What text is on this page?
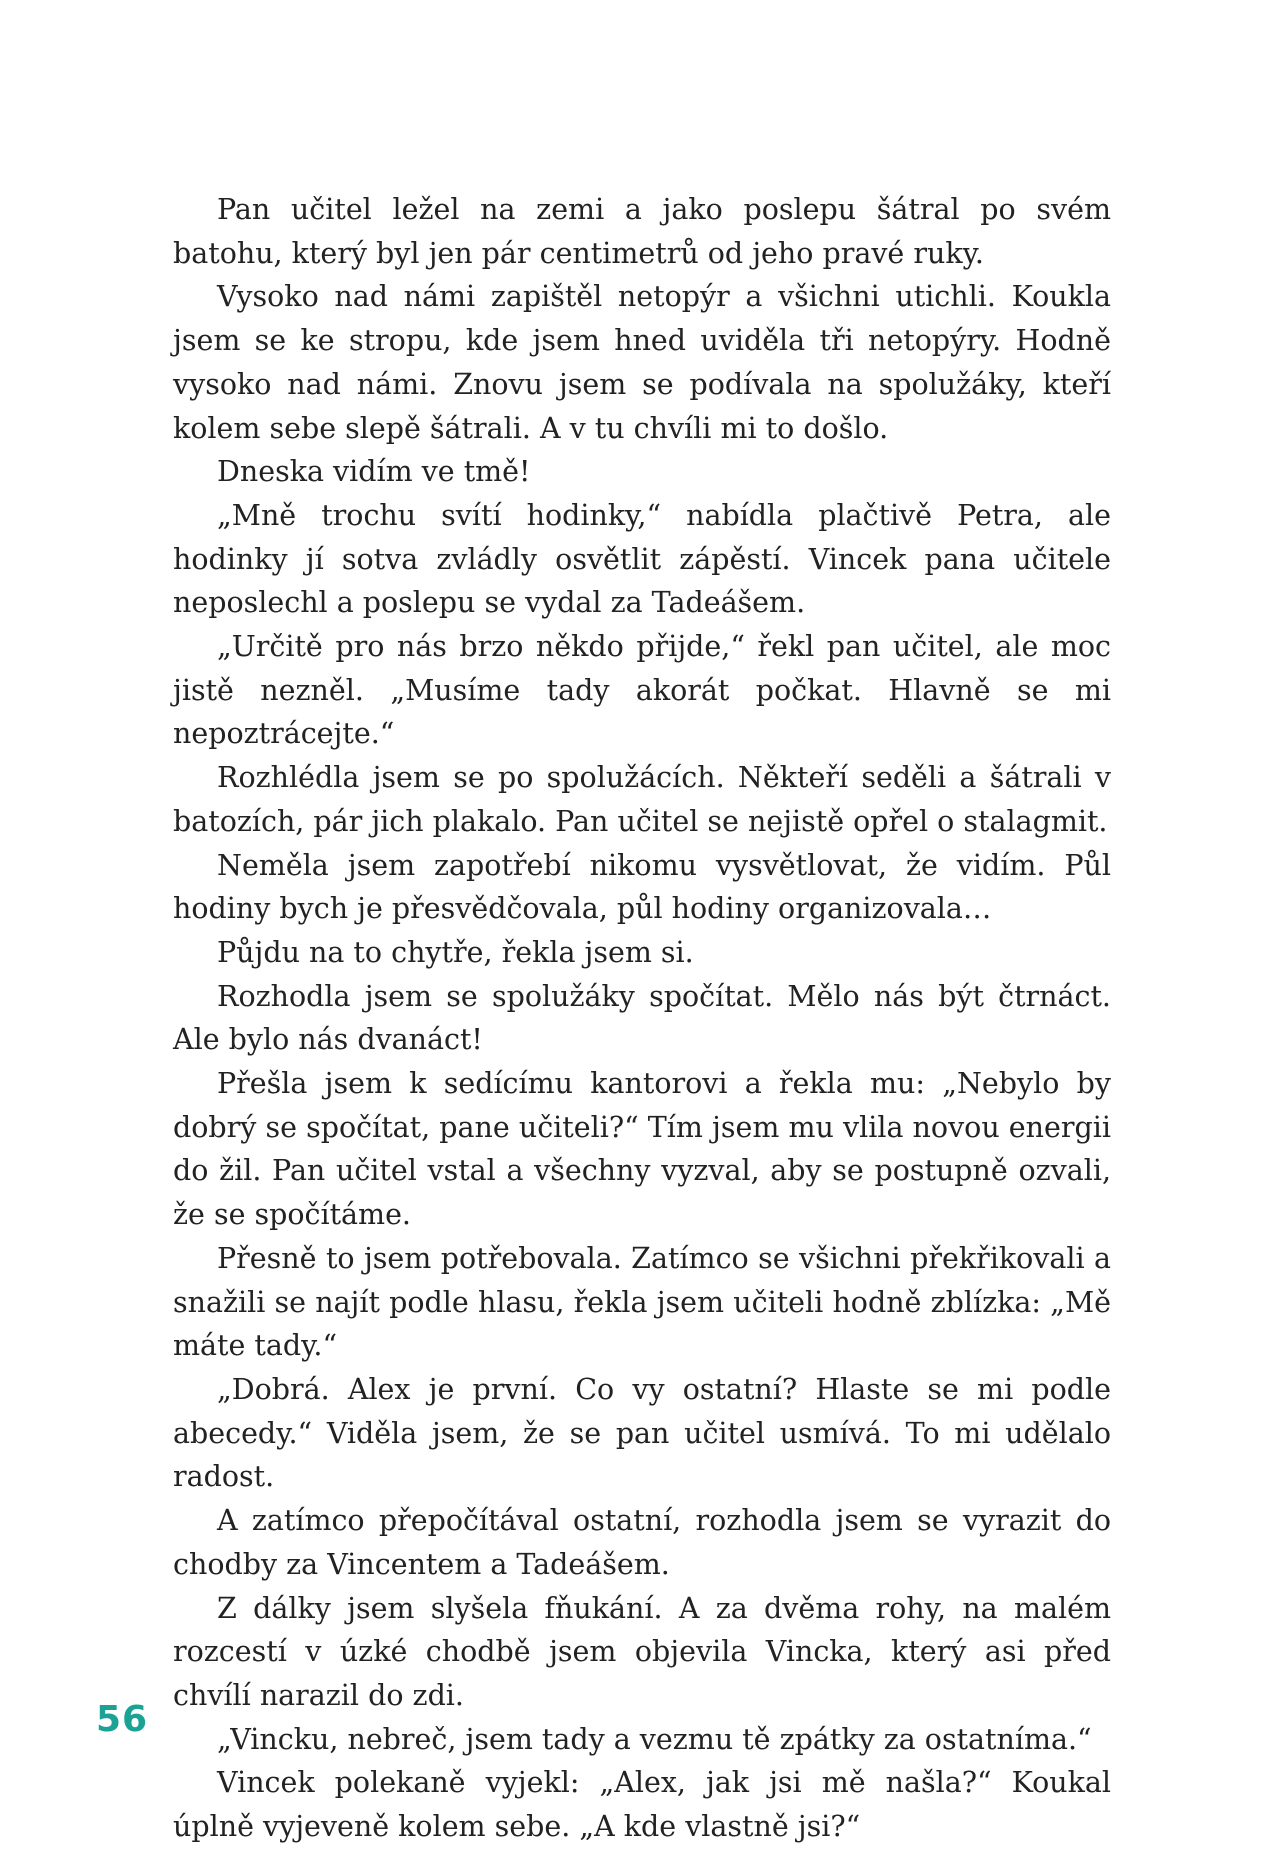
Pan učitel ležel na zemi a jako poslepu šátral po svém batohu, který byl jen pár centimetrů od jeho pravé ruky.

Vysoko nad námi zapištěl netopýr a všichni utichli. Koukla jsem se ke stropu, kde jsem hned uviděla tři netopýry. Hodně vysoko nad námi. Znovu jsem se podívala na spolužáky, kteří kolem sebe slepě šátrali. A v tu chvíli mi to došlo.

Dneska vidím ve tmě!

„Mně trochu svítí hodinky,“ nabídla plačtivě Petra, ale hodinky jí sotva zvládly osvětlit zápěstí. Vincek pana učitele neposlechl a poslepu se vydal za Tadeášem.

„Určitě pro nás brzo někdo přijde,“ řekl pan učitel, ale moc jistě nezněl. „Musíme tady akorát počkat. Hlavně se mi nepoztrácejte.“

Rozhlédla jsem se po spolužácích. Někteří seděli a šátrali v batozích, pár jich plakalo. Pan učitel se nejistě opřel o stalagmit.

Neměla jsem zapotřebí nikomu vysvětlovat, že vidím. Půl hodiny bych je přesvědčovala, půl hodiny organizovala…

Půjdu na to chytře, řekla jsem si.

Rozhodla jsem se spolužáky spočítat. Mělo nás být čtrnáct. Ale bylo nás dvanáct!

Přešla jsem k sedícímu kantorovi a řekla mu: „Nebylo by dobrý se spočítat, pane učiteli?“ Tím jsem mu vlila novou energii do žil. Pan učitel vstal a všechny vyzval, aby se postupně ozvali, že se spočítáme.

Přesně to jsem potřebovala. Zatímco se všichni překřikovali a snažili se najít podle hlasu, řekla jsem učiteli hodně zblízka: „Mě máte tady.“

„Dobrá. Alex je první. Co vy ostatní? Hlaste se mi podle abecedy.“ Viděla jsem, že se pan učitel usmívá. To mi udělalo radost.

A zatímco přepočítával ostatní, rozhodla jsem se vyrazit do chodby za Vincentem a Tadeášem.

Z dálky jsem slyšela fňukání. A za dvěma rohy, na malém rozcestí v úzké chodbě jsem objevila Vincka, který asi před chvílí narazil do zdi.

„Vincku, nebreč, jsem tady a vezmu tě zpátky za ostatníma.“

Vincek polekaně vyjekl: „Alex, jak jsi mě našla?“ Koukal úplně vyjeveně kolem sebe. „A kde vlastně jsi?“

56
